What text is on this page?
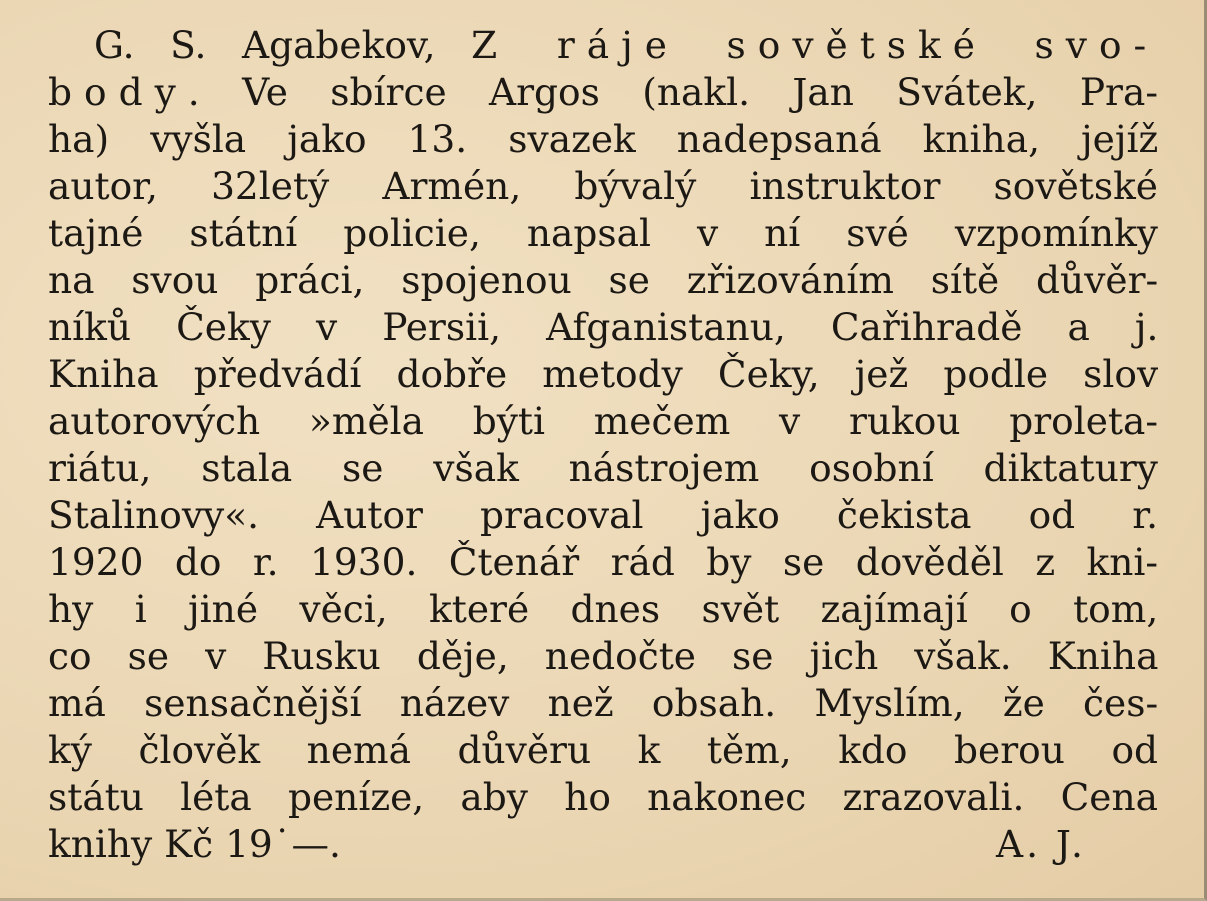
G. S. Agabekov, Z ráje sovětské svo-
body. Ve sbírce Argos (nakl. Jan Svátek, Pra-
ha) vyšla jako 13. svazek nadepsaná kniha, jejíž
autor, 32letý Armén, bývalý instruktor sovětské
tajné státní policie, napsal v ní své vzpomínky
na svou práci, spojenou se zřizováním sítě důvěr-
níků Čeky v Persii, Afganistanu, Cařihradě a j.
Kniha předvádí dobře metody Čeky, jež podle slov
autorových »měla býti mečem v rukou proleta-
riátu, stala se však nástrojem osobní diktatury
Stalinovy«. Autor pracoval jako čekista od r.
1920 do r. 1930. Čtenář rád by se dověděl z kni-
hy i jiné věci, které dnes svět zajímají o tom,
co se v Rusku děje, nedočte se jich však. Kniha
má sensačnější název než obsah. Myslím, že čes-
ký člověk nemá důvěru k těm, kdo berou od
státu léta peníze, aby ho nakonec zrazovali. Cena
knihy Kč 19˙—.	A. J.
